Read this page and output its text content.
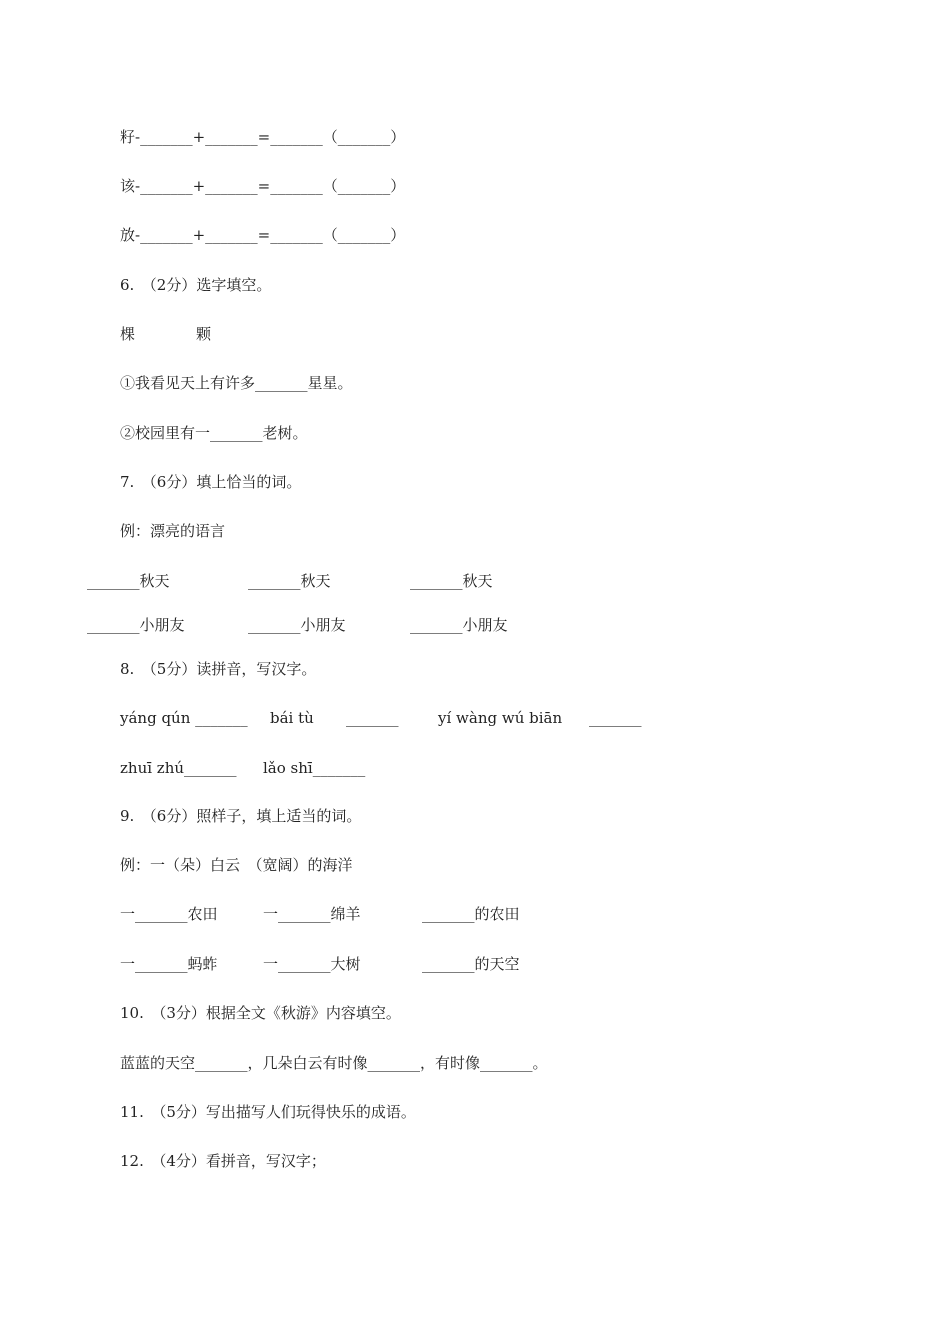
籽-_______+_______=_______（_______）
该-_______+_______=_______（_______）
放-_______+_______=_______（_______）
6.　（2分）选字填空。
棵	颗
①我看见天上有许多_______星星。
②校园里有一_______老树。
7.　（6分）填上恰当的词。
例：漂亮的语言
_______秋天	_______秋天	_______秋天
_______小朋友	_______小朋友	_______小朋友
8.　（5分）读拼音，写汉字。
yáng qún _______ bái tù _______	yí wàng wú biān _______
zhuī zhú_______ lǎo shī_______
9.　（6分）照样子，填上适当的词。
例：一（朵）白云　（宽阔）的海洋
一_______农田	一_______绵羊	_______的农田
一_______蚂蚱	一_______大树	_______的天空
10.　（3分）根据全文《秋游》内容填空。
蓝蓝的天空_______，几朵白云有时像_______，有时像_______。
11.　（5分）写出描写人们玩得快乐的成语。
12.　（4分）看拼音，写汉字；
